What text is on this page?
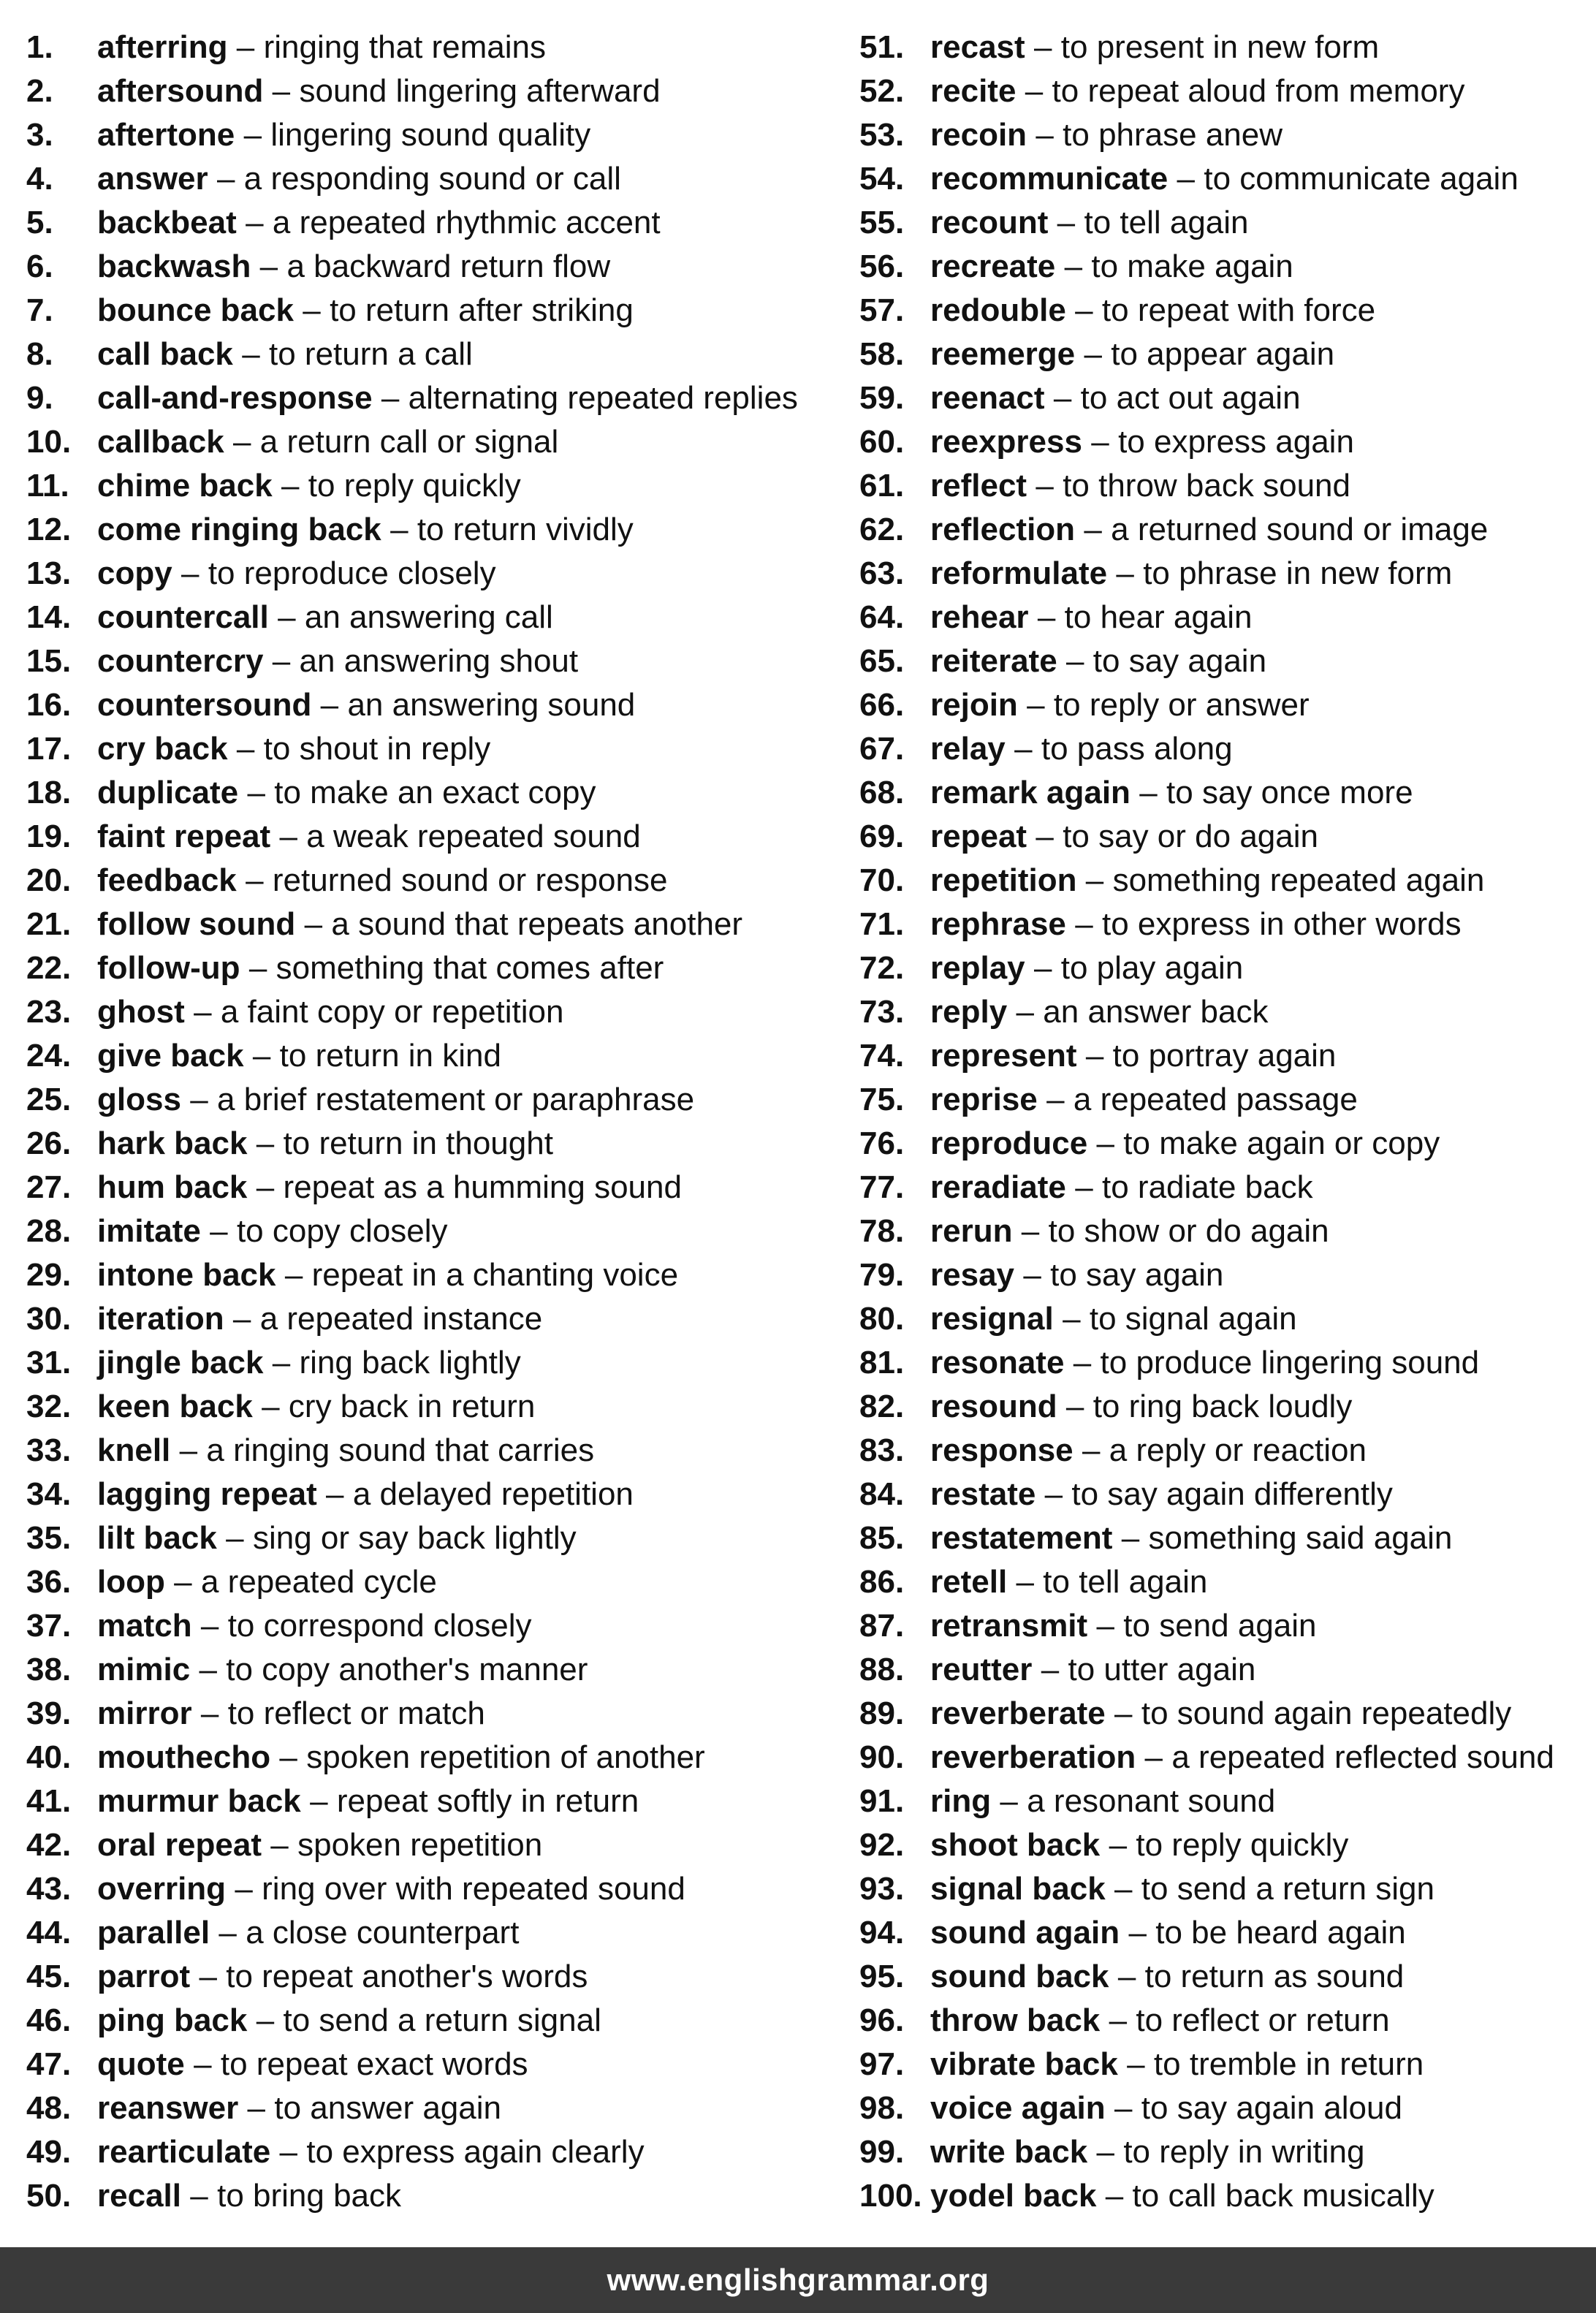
1.	afterring – ringing that remains
2.	aftersound – sound lingering afterward
3.	aftertone – lingering sound quality
4.	answer – a responding sound or call
5.	backbeat – a repeated rhythmic accent
6.	backwash – a backward return flow
7.	bounce back – to return after striking
8.	call back – to return a call
9.	call-and-response – alternating repeated replies
10. callback – a return call or signal
11. chime back – to reply quickly
12. come ringing back – to return vividly
13. copy – to reproduce closely
14. countercall – an answering call
15. countercry – an answering shout
16. countersound – an answering sound
17. cry back – to shout in reply
18. duplicate – to make an exact copy
19. faint repeat – a weak repeated sound
20. feedback – returned sound or response
21. follow sound – a sound that repeats another
22. follow-up – something that comes after
23. ghost – a faint copy or repetition
24. give back – to return in kind
25. gloss – a brief restatement or paraphrase
26. hark back – to return in thought
27. hum back – repeat as a humming sound
28. imitate – to copy closely
29. intone back – repeat in a chanting voice
30. iteration – a repeated instance
31. jingle back – ring back lightly
32. keen back – cry back in return
33. knell – a ringing sound that carries
34. lagging repeat – a delayed repetition
35. lilt back – sing or say back lightly
36. loop – a repeated cycle
37. match – to correspond closely
38. mimic – to copy another's manner
39. mirror – to reflect or match
40. mouthecho – spoken repetition of another
41. murmur back – repeat softly in return
42. oral repeat – spoken repetition
43. overring – ring over with repeated sound
44. parallel – a close counterpart
45. parrot – to repeat another's words
46. ping back – to send a return signal
47. quote – to repeat exact words
48. reanswer – to answer again
49. rearticulate – to express again clearly
50. recall – to bring back
51. recast – to present in new form
52. recite – to repeat aloud from memory
53. recoin – to phrase anew
54. recommunicate – to communicate again
55. recount – to tell again
56. recreate – to make again
57. redouble – to repeat with force
58. reemerge – to appear again
59. reenact – to act out again
60. reexpress – to express again
61. reflect – to throw back sound
62. reflection – a returned sound or image
63. reformulate – to phrase in new form
64. rehear – to hear again
65. reiterate – to say again
66. rejoin – to reply or answer
67. relay – to pass along
68. remark again – to say once more
69. repeat – to say or do again
70. repetition – something repeated again
71. rephrase – to express in other words
72. replay – to play again
73. reply – an answer back
74. represent – to portray again
75. reprise – a repeated passage
76. reproduce – to make again or copy
77. reradiate – to radiate back
78. rerun – to show or do again
79. resay – to say again
80. resignal – to signal again
81. resonate – to produce lingering sound
82. resound – to ring back loudly
83. response – a reply or reaction
84. restate – to say again differently
85. restatement – something said again
86. retell – to tell again
87. retransmit – to send again
88. reutter – to utter again
89. reverberate – to sound again repeatedly
90. reverberation – a repeated reflected sound
91. ring – a resonant sound
92. shoot back – to reply quickly
93. signal back – to send a return sign
94. sound again – to be heard again
95. sound back – to return as sound
96. throw back – to reflect or return
97. vibrate back – to tremble in return
98. voice again – to say again aloud
99. write back – to reply in writing
100. yodel back – to call back musically
www.englishgrammar.org
